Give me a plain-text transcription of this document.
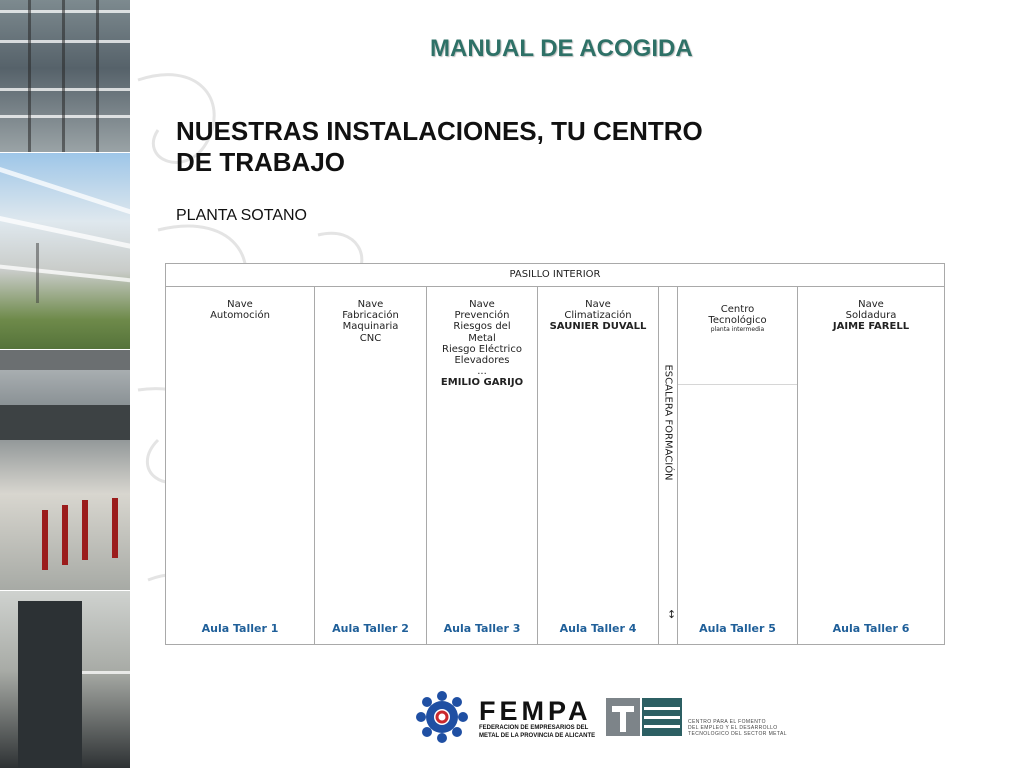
MANUAL DE ACOGIDA
NUESTRAS INSTALACIONES, TU CENTRO DE TRABAJO
PLANTA SOTANO
PASILLO INTERIOR
Nave
Automoción
Aula Taller 1
Nave
Fabricación
Maquinaria
CNC
Aula Taller 2
Nave
Prevención
Riesgos del
Metal
Riesgo Eléctrico
Elevadores
...
EMILIO GARIJO
Aula Taller 3
Nave
Climatización
SAUNIER DUVALL
Aula Taller 4
ESCALERA FORMACIÓN
↕
Centro
Tecnológico
planta intermedia
Aula Taller 5
Nave
Soldadura
JAIME FARELL
Aula Taller 6
FEMPA
FEDERACION DE EMPRESARIOS DEL
METAL DE LA PROVINCIA DE ALICANTE
CENTRO PARA EL FOMENTO
DEL EMPLEO Y EL DESARROLLO
TECNOLOGICO DEL SECTOR METAL
